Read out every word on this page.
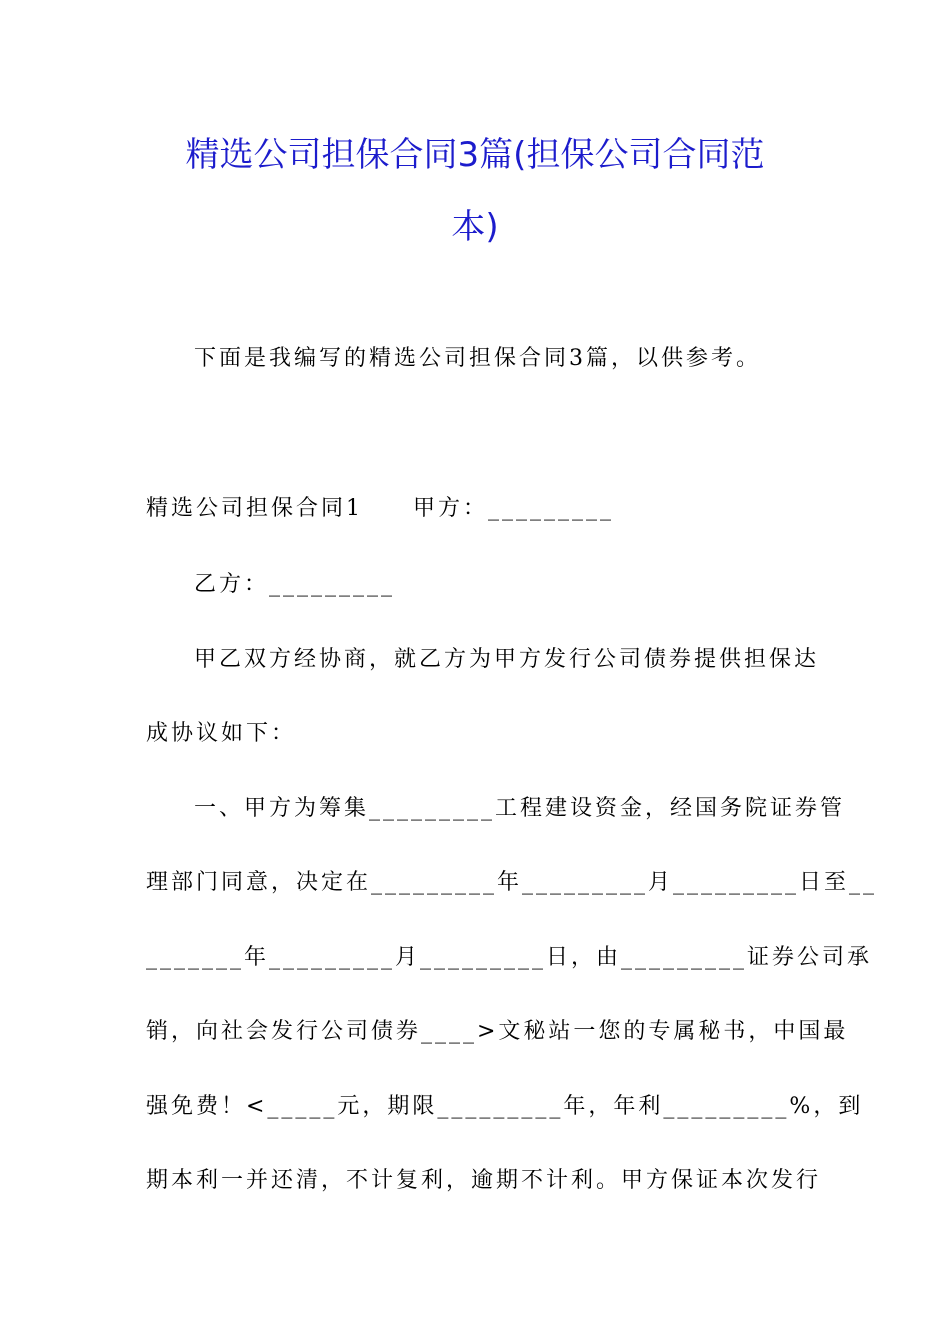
精选公司担保合同3篇(担保公司合同范
本)
下面是我编写的精选公司担保合同3篇，以供参考。
精选公司担保合同1　　甲方：_________
乙方：_________
甲乙双方经协商，就乙方为甲方发行公司债券提供担保达
成协议如下：
一、甲方为筹集_________工程建设资金，经国务院证券管
理部门同意，决定在_________年_________月_________日至__
_______年_________月_________日，由_________证券公司承
销，向社会发行公司债券____>文秘站一您的专属秘书，中国最
强免费！<_____元，期限_________年，年利_________%，到
期本利一并还清，不计复利，逾期不计利。甲方保证本次发行
